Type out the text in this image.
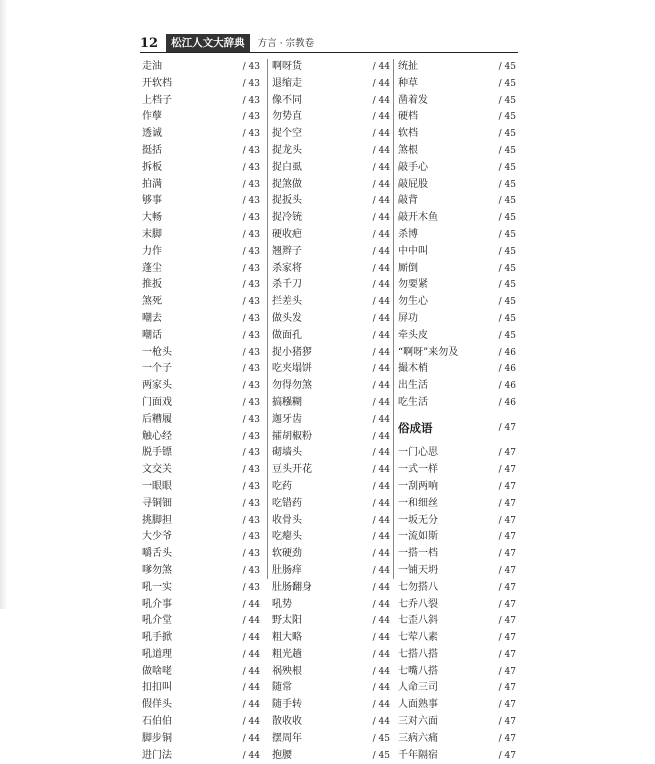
12	松江人文大辞典	方言 · 宗教卷
走油	/ 43
开软档	/ 43
上档子	/ 43
作孽	/ 43
透诚	/ 43
挺括	/ 43
拆板	/ 43
拍满	/ 43
够事	/ 43
大畅	/ 43
末脚	/ 43
力作	/ 43
蓬尘	/ 43
推扳	/ 43
煞死	/ 43
嘲去	/ 43
嘲话	/ 43
一枪头	/ 43
一个子	/ 43
两家头	/ 43
门面戏	/ 43
后糟履	/ 43
触心经	/ 43
脱手镖	/ 43
文交关	/ 43
一眼眼	/ 43
寻铜钿	/ 43
挑脚担	/ 43
大少爷	/ 43
嚼舌头	/ 43
嗲勿煞	/ 43
吼一实	/ 43
吼介事	/ 44
吼介堂	/ 44
吼手掀	/ 44
吼道理	/ 44
做啥咾	/ 44
扣扣叫	/ 44
假佯头	/ 44
石伯伯	/ 44
脚步铜	/ 44
进门法	/ 44
啊呀货	/ 44
退缩走	/ 44
像不同	/ 44
勿势直	/ 44
捉个空	/ 44
捉龙头	/ 44
捉白虱	/ 44
捉煞做	/ 44
捉扳头	/ 44
捉冷铳	/ 44
硬收疤	/ 44
翘辫子	/ 44
杀家将	/ 44
杀千刀	/ 44
拦差头	/ 44
做头发	/ 44
做面孔	/ 44
捉小猪猡	/ 44
吃夹塌饼	/ 44
勿得勿煞	/ 44
搞糨糊	/ 44
迦牙齿	/ 44
攉胡椒粉	/ 44
砌墙头	/ 44
豆头开花	/ 44
吃药	/ 44
吃错药	/ 44
收骨头	/ 44
吃瘪头	/ 44
软硬劲	/ 44
肚肠痒	/ 44
肚肠翻身	/ 44
吼势	/ 44
野太阳	/ 44
粗大略	/ 44
粗光趟	/ 44
祸殃根	/ 44
随常	/ 44
随手转	/ 44
散收收	/ 44
摆周年	/ 45
抱腰	/ 45
统扯	/ 45
种草	/ 45
凿着发	/ 45
硬档	/ 45
软档	/ 45
煞根	/ 45
敲手心	/ 45
敲屁股	/ 45
敲背	/ 45
敲开木鱼	/ 45
杀博	/ 45
中中叫	/ 45
厮倒	/ 45
勿要紧	/ 45
勿生心	/ 45
屏功	/ 45
牵头皮	/ 45
“啊呀”来勿及	/ 46
撮木梢	/ 46
出生活	/ 46
吃生活	/ 46
俗成语	/ 47
一门心思	/ 47
一式一样	/ 47
一刮两响	/ 47
一和细丝	/ 47
一坂无分	/ 47
一流如斯	/ 47
一搭一档	/ 47
一铺天坍	/ 47
七勿搭八	/ 47
七乔八裂	/ 47
七歪八斜	/ 47
七荤八素	/ 47
七搭八搭	/ 47
七嘴八搭	/ 47
人命三司	/ 47
人面熟事	/ 47
三对六面	/ 47
三病六痛	/ 47
千年隔宿	/ 47
